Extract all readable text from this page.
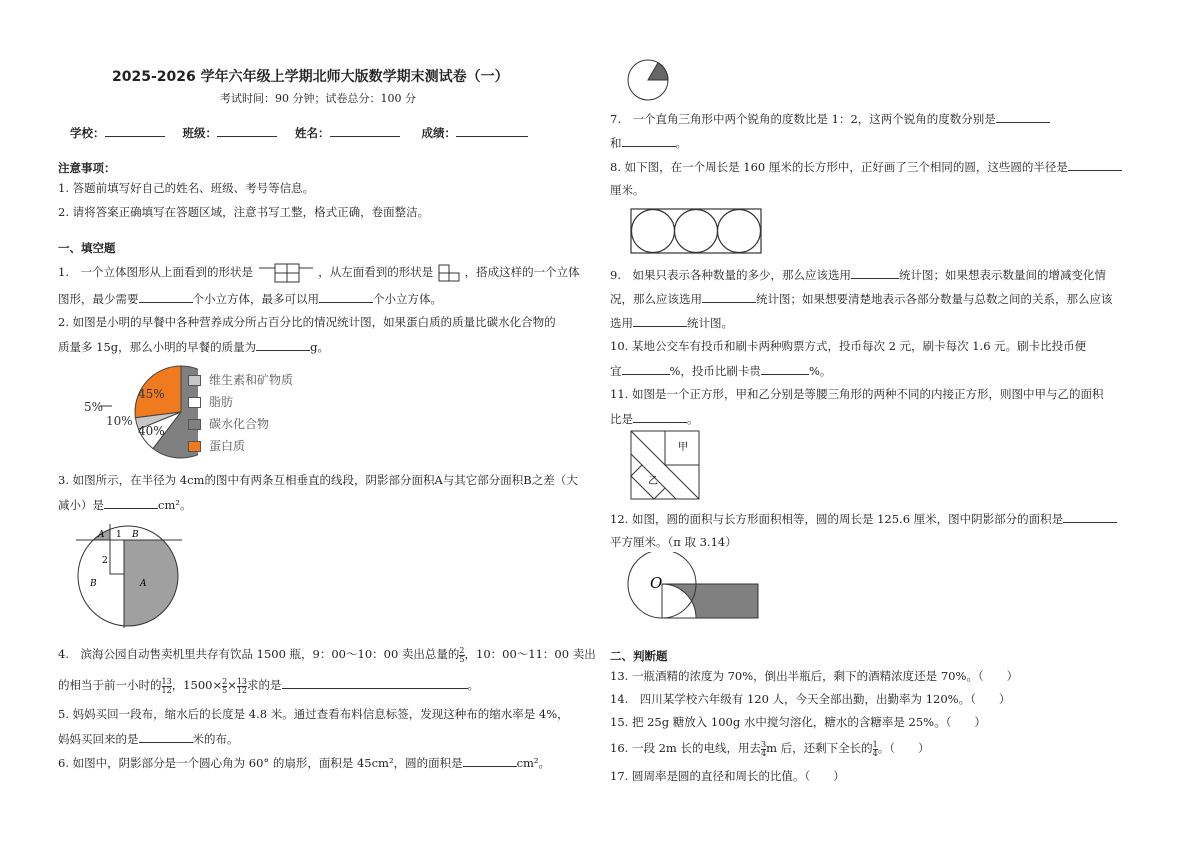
2025-2026 学年六年级上学期北师大版数学期末测试卷（一）
考试时间：90 分钟；试卷总分：100 分
学校：	班级：	姓名：	成绩：
注意事项：
1. 答题前填写好自己的姓名、班级、考号等信息。
2. 请将答案正确填写在答题区域，注意书写工整，格式正确，卷面整洁。
一、填空题
1.　一个立体图形从上面看到的形状是	，从左面看到的形状是	，搭成这样的一个立体
图形，最少需要	个小立方体，最多可以用	个小立方体。
2. 如图是小明的早餐中各种营养成分所占百分比的情况统计图，如果蛋白质的质量比碳水化合物的
质量多 15g，那么小明的早餐的质量为	g。
45%
5%
10%
40%
维生素和矿物质
脂肪
碳水化合物
蛋白质
3. 如图所示，在半径为 4cm的图中有两条互相垂直的线段，阴影部分面积A与其它部分面积B之差（大
减小）是	cm²。
A 1 B
2
B	A
4.　滨海公园自动售卖机里共存有饮品 1500 瓶，9：00～10：00 卖出总量的 $\frac{2}{5}$ ，10：00～11：00 卖出
的相当于前一小时的 $\frac{13}{12}$ ，$1500\times \frac{2}{5} \times \frac{13}{12}$ 求的是	。
5. 妈妈买回一段布，缩水后的长度是 4.8 米。通过查看布料信息标签，发现这种布的缩水率是 4%，
妈妈买回来的是	米的布。
6. 如图中，阴影部分是一个圆心角为 60° 的扇形，面积是 45cm²，圆的面积是	cm²。
7.　一个直角三角形中两个锐角的度数比是 1：2，这两个锐角的度数分别是
和	。
8. 如下图，在一个周长是 160 厘米的长方形中，正好画了三个相同的圆，这些圆的半径是
厘米。
9.　如果只表示各种数量的多少，那么应该选用	统计图；如果想表示数量间的增减变化情
况，那么应该选用	统计图；如果想要清楚地表示各部分数量与总数之间的关系，那么应该
选用	统计图。
10. 某地公交车有投币和刷卡两种购票方式，投币每次 2 元，刷卡每次 1.6 元。刷卡比投币便
宜	%，投币比刷卡贵	%。
11. 如图是一个正方形，甲和乙分别是等腰三角形的两种不同的内接正方形，则图中甲与乙的面积
比是	。
甲
乙
12. 如图，圆的面积与长方形面积相等，圆的周长是 125.6 厘米，图中阴影部分的面积是
平方厘米。（π 取 3.14）
O
二、判断题
13. 一瓶酒精的浓度为 70%，倒出半瓶后，剩下的酒精浓度还是 70%。（　　）
14.　四川某学校六年级有 120 人，今天全部出勤，出勤率为 120%。（　　）
15. 把 25g 糖放入 100g 水中搅匀溶化，糖水的含糖率是 25%。（　　）
16. 一段 2m 长的电线，用去 $\frac{3}{4}$ m 后，还剩下全长的 $\frac{1}{4}$ 。（　　）
17. 圆周率是圆的直径和周长的比值。（　　）
